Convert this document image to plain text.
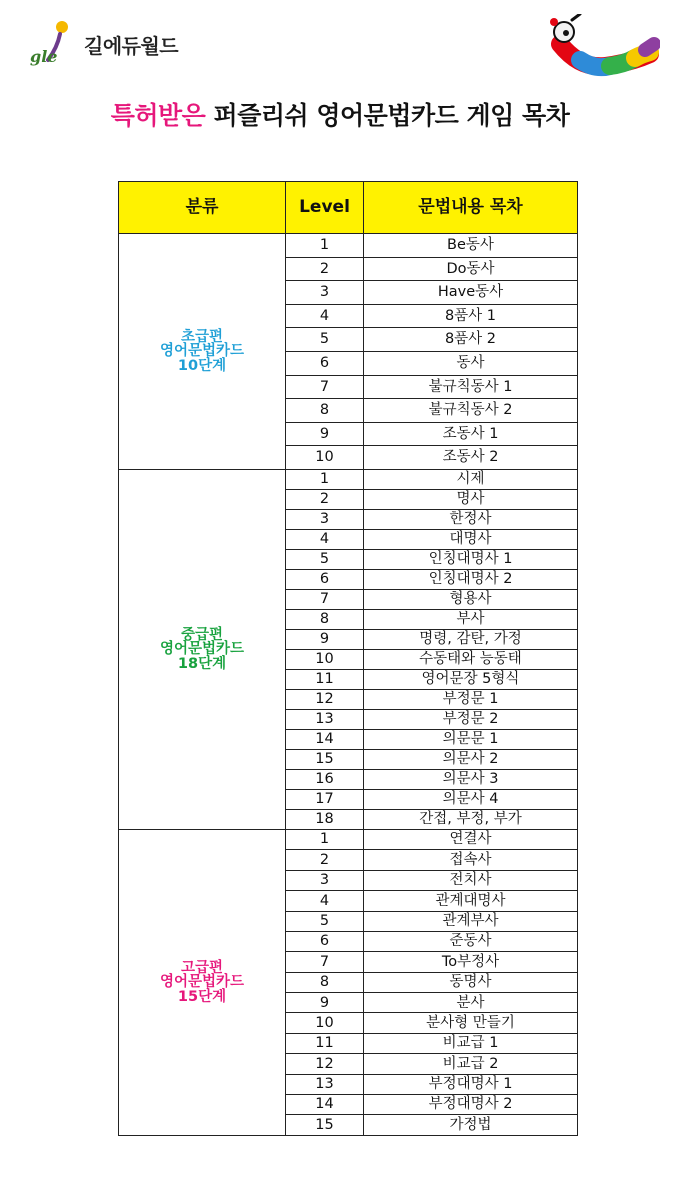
gle 길에듀월드
특허받은 퍼즐리쉬 영어문법카드 게임 목차
분류	Level	문법내용 목차

초급편
영어문법카드
10단계	1	Be동사
	2	Do동사
	3	Have동사
	4	8품사 1
	5	8품사 2
	6	동사
	7	불규칙동사 1
	8	불규칙동사 2
	9	조동사 1
	10	조동사 2

중급편
영어문법카드
18단계	1	시제
	2	명사
	3	한정사
	4	대명사
	5	인칭대명사 1
	6	인칭대명사 2
	7	형용사
	8	부사
	9	명령, 감탄, 가정
	10	수동태와 능동태
	11	영어문장 5형식
	12	부정문 1
	13	부정문 2
	14	의문문 1
	15	의문사 2
	16	의문사 3
	17	의문사 4
	18	간접, 부정, 부가

고급편
영어문법카드
15단계	1	연결사
	2	접속사
	3	전치사
	4	관계대명사
	5	관계부사
	6	준동사
	7	To부정사
	8	동명사
	9	분사
	10	분사형 만들기
	11	비교급 1
	12	비교급 2
	13	부정대명사 1
	14	부정대명사 2
	15	가정법
